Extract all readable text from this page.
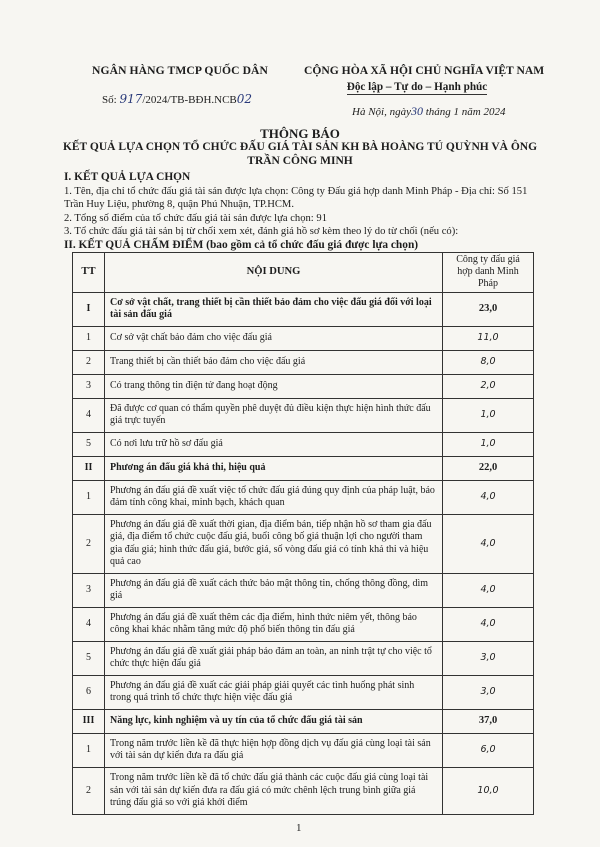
NGÂN HÀNG TMCP QUỐC DÂN	CỘNG HÒA XÃ HỘI CHỦ NGHĨA VIỆT NAM
Độc lập – Tự do – Hạnh phúc
Số: 917/2024/TB-BĐH.NCB02
Hà Nội, ngày30 tháng 1 năm 2024
THÔNG BÁO
KẾT QUẢ LỰA CHỌN TỔ CHỨC ĐẤU GIÁ TÀI SẢN KH BÀ HOÀNG TÚ QUỲNH VÀ ÔNG TRẦN CÔNG MINH
I. KẾT QUẢ LỰA CHỌN
1. Tên, địa chỉ tổ chức đấu giá tài sản được lựa chọn: Công ty Đấu giá hợp danh Minh Pháp - Địa chỉ: Số 151 Trần Huy Liệu, phường 8, quận Phú Nhuận, TP.HCM.
2. Tổng số điểm của tổ chức đấu giá tài sản được lựa chọn: 91
3. Tổ chức đấu giá tài sản bị từ chối xem xét, đánh giá hồ sơ kèm theo lý do từ chối (nếu có):
II. KẾT QUẢ CHẤM ĐIỂM (bao gồm cả tổ chức đấu giá được lựa chọn)
TT	NỘI DUNG	Công ty đấu giá hợp danh Minh Pháp
I	Cơ sở vật chất, trang thiết bị cần thiết bảo đảm cho việc đấu giá đối với loại tài sản đấu giá	23,0
1	Cơ sở vật chất bảo đảm cho việc đấu giá	11,0
2	Trang thiết bị cần thiết bảo đảm cho việc đấu giá	8,0
3	Có trang thông tin điện tử đang hoạt động	2,0
4	Đã được cơ quan có thẩm quyền phê duyệt đủ điều kiện thực hiện hình thức đấu giá trực tuyến	1,0
5	Có nơi lưu trữ hồ sơ đấu giá	1,0
II	Phương án đấu giá khả thi, hiệu quả	22,0
1	Phương án đấu giá đề xuất việc tổ chức đấu giá đúng quy định của pháp luật, bảo đảm tính công khai, minh bạch, khách quan	4,0
2	Phương án đấu giá đề xuất thời gian, địa điểm bán, tiếp nhận hồ sơ tham gia đấu giá, địa điểm tổ chức cuộc đấu giá, buổi công bố giá thuận lợi cho người tham gia đấu giá; hình thức đấu giá, bước giá, số vòng đấu giá có tính khả thi và hiệu quả cao	4,0
3	Phương án đấu giá đề xuất cách thức bảo mật thông tin, chống thông đồng, dìm giá	4,0
4	Phương án đấu giá đề xuất thêm các địa điểm, hình thức niêm yết, thông báo công khai khác nhằm tăng mức độ phổ biến thông tin đấu giá	4,0
5	Phương án đấu giá đề xuất giải pháp bảo đảm an toàn, an ninh trật tự cho việc tổ chức thực hiện đấu giá	3,0
6	Phương án đấu giá đề xuất các giải pháp giải quyết các tình huống phát sinh trong quá trình tổ chức thực hiện việc đấu giá	3,0
III	Năng lực, kinh nghiệm và uy tín của tổ chức đấu giá tài sản	37,0
1	Trong năm trước liền kề đã thực hiện hợp đồng dịch vụ đấu giá cùng loại tài sản với tài sản dự kiến đưa ra đấu giá	6,0
2	Trong năm trước liền kề đã tổ chức đấu giá thành các cuộc đấu giá cùng loại tài sản với tài sản dự kiến đưa ra đấu giá có mức chênh lệch trung bình giữa giá trúng đấu giá so với giá khởi điểm	10,0
1
